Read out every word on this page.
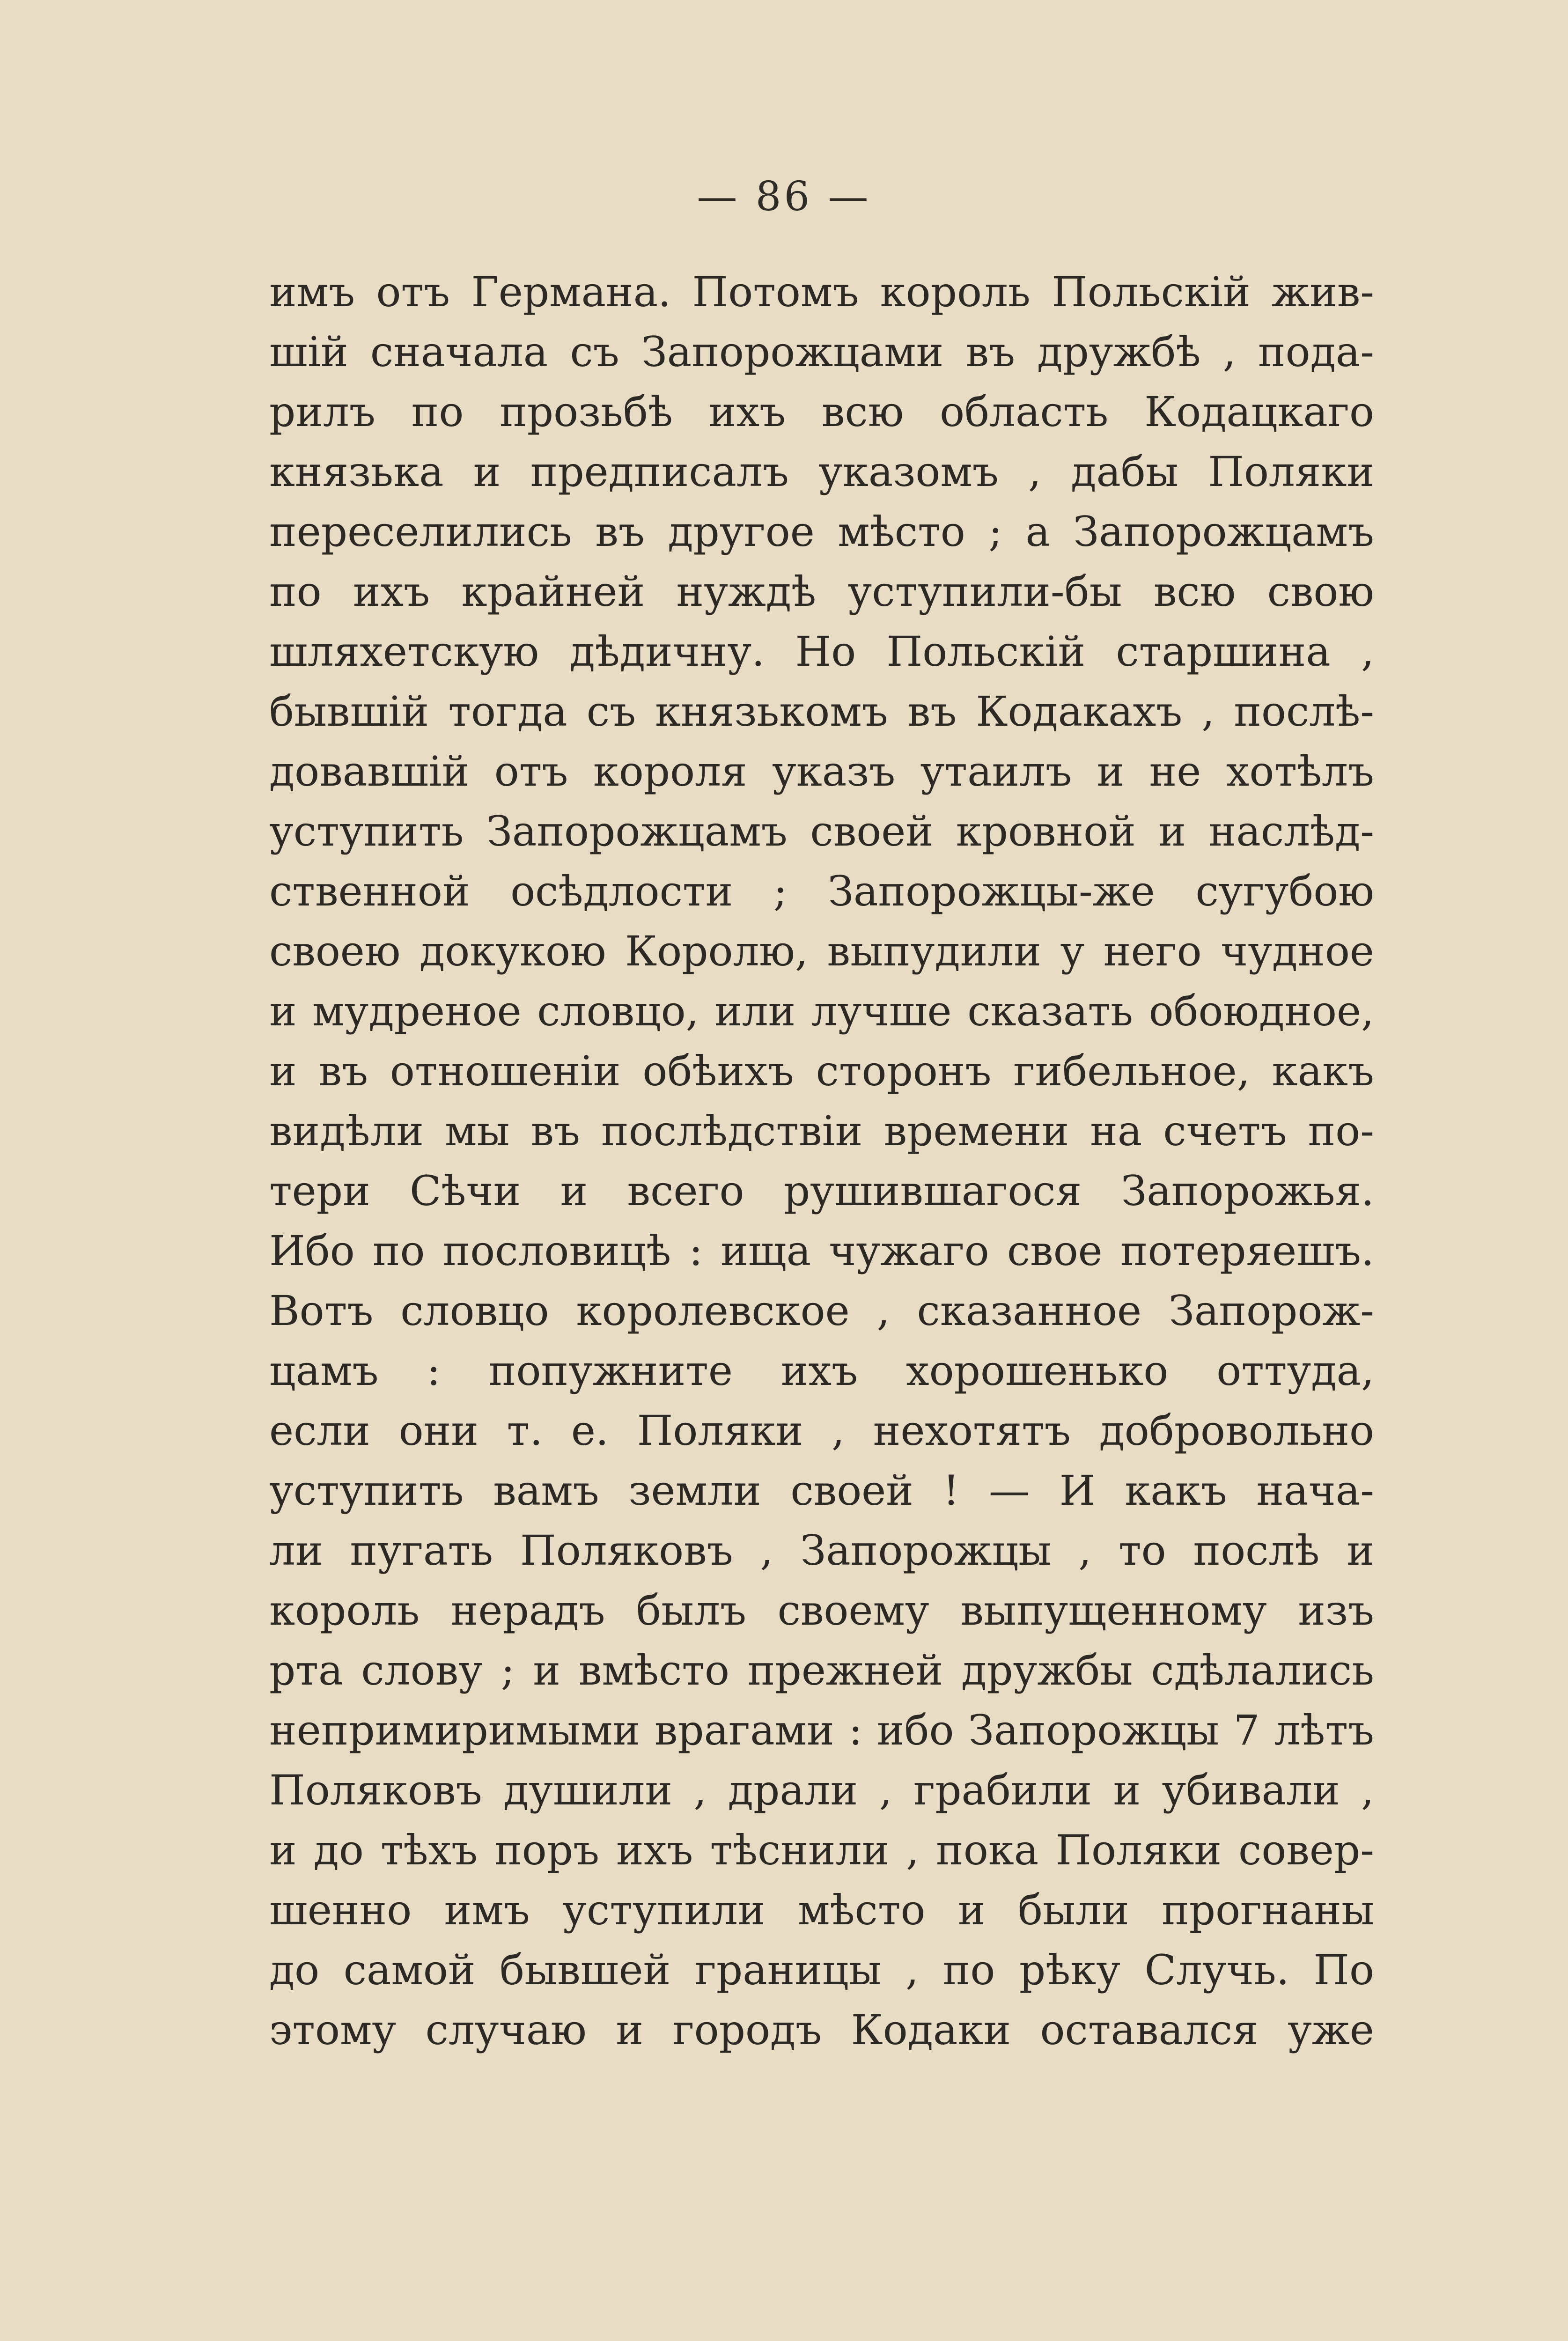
— 86 —
имъ отъ Германа. Потомъ король Польскій жив-
шій сначала съ Запорожцами въ дружбѣ , пода-
рилъ по прозьбѣ ихъ всю область Кодацкаго
князька и предписалъ указомъ , дабы Поляки
переселились въ другое мѣсто ; а Запорожцамъ
по ихъ крайней нуждѣ уступили-бы всю свою
шляхетскую дѣдичну. Но Польскій старшина ,
бывшій тогда съ князькомъ въ Кодакахъ , послѣ-
довавшій отъ короля указъ утаилъ и не хотѣлъ
уступить Запорожцамъ своей кровной и наслѣд-
ственной осѣдлости ; Запорожцы-же сугубою
своею докукою Королю, выпудили у него чудное
и мудреное словцо, или лучше сказать обоюдное,
и въ отношеніи обѣихъ сторонъ гибельное, какъ
видѣли мы въ послѣдствіи времени на счетъ по-
тери Сѣчи и всего рушившагося Запорожья.
Ибо по пословицѣ : ища чужаго свое потеряешъ.
Вотъ словцо королевское , сказанное Запорож-
цамъ : попужните ихъ хорошенько оттуда,
если они т. е. Поляки , нехотятъ добровольно
уступить вамъ земли своей ! — И какъ нача-
ли пугать Поляковъ , Запорожцы , то послѣ и
король нерадъ былъ своему выпущенному изъ
рта слову ; и вмѣсто прежней дружбы сдѣлались
непримиримыми врагами : ибо Запорожцы 7 лѣтъ
Поляковъ душили , драли , грабили и убивали ,
и до тѣхъ поръ ихъ тѣснили , пока Поляки совер-
шенно имъ уступили мѣсто и были прогнаны
до самой бывшей границы , по рѣку Случь. По
этому случаю и городъ Кодаки оставался уже
